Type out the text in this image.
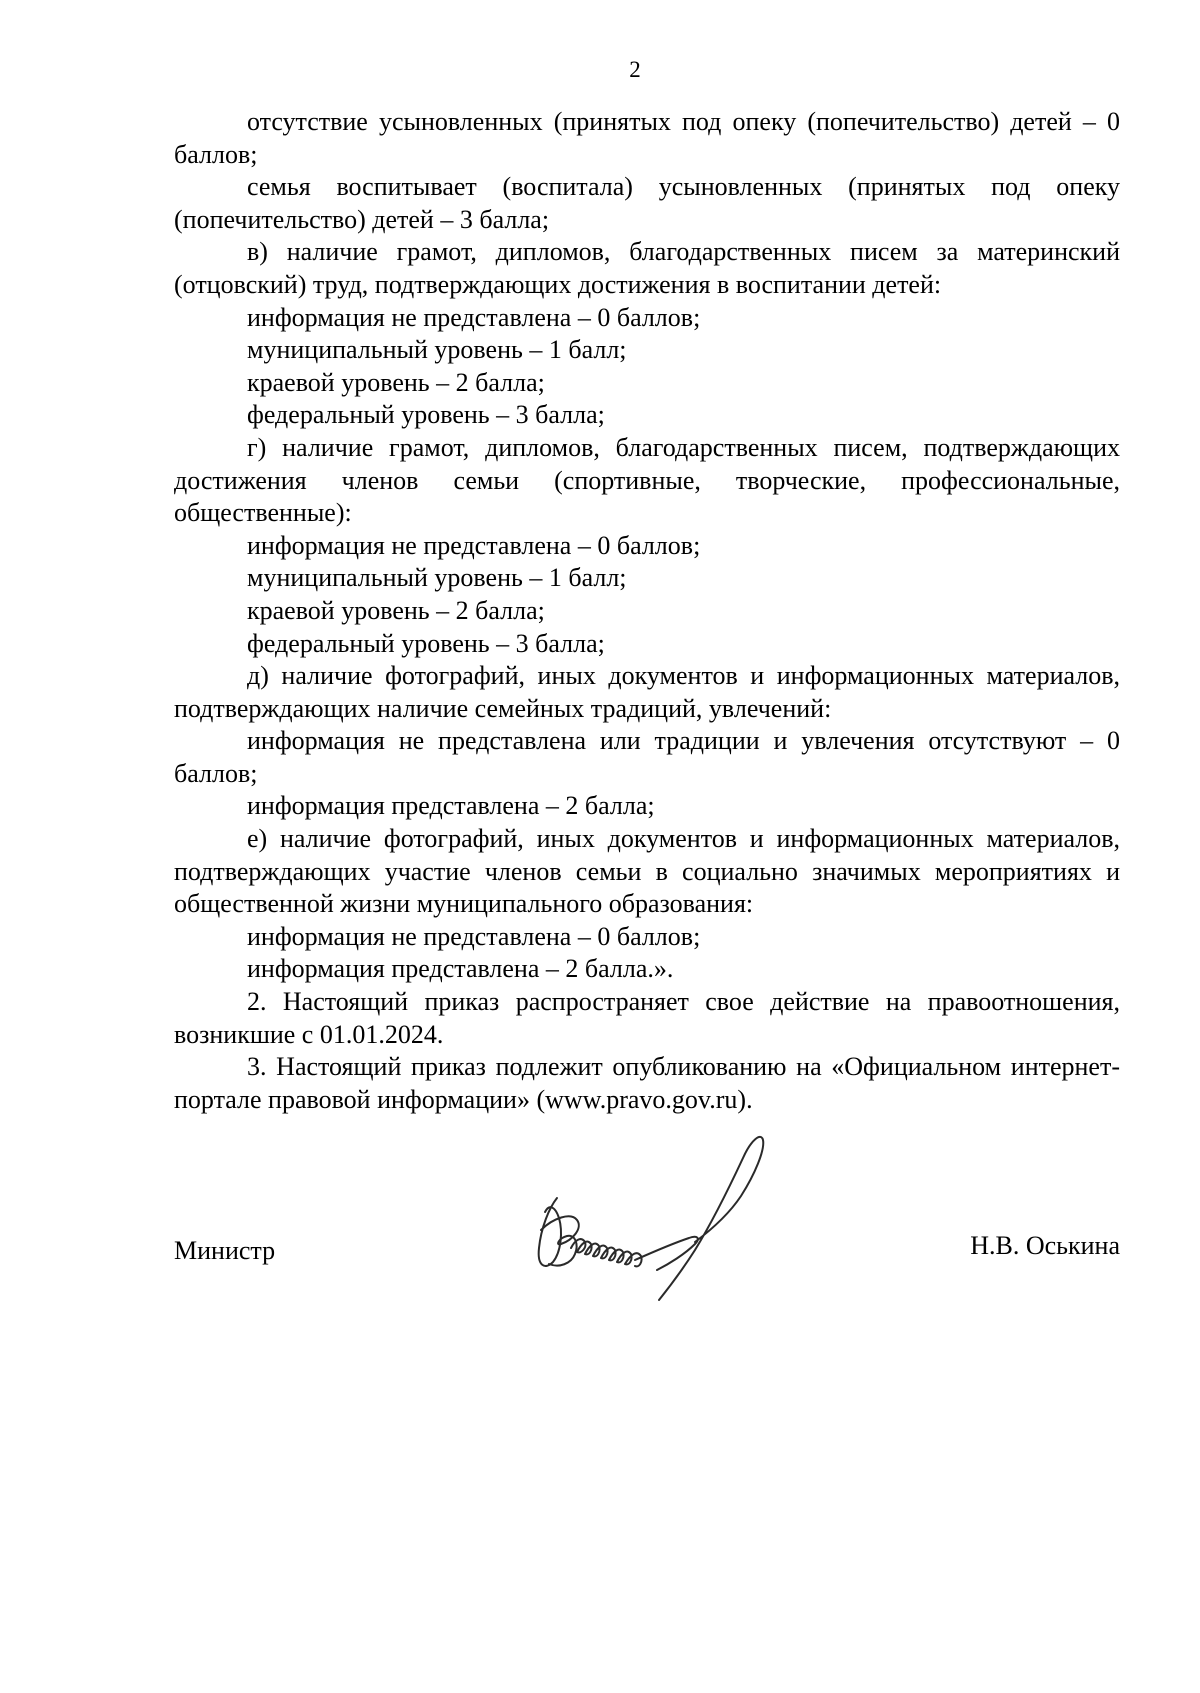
2

отсутствие усыновленных (принятых под опеку (попечительство) детей – 0 баллов;

семья воспитывает (воспитала) усыновленных (принятых под опеку (попечительство) детей – 3 балла;

в) наличие грамот, дипломов, благодарственных писем за материнский (отцовский) труд, подтверждающих достижения в воспитании детей:

информация не представлена – 0 баллов;

муниципальный уровень – 1 балл;

краевой уровень – 2 балла;

федеральный уровень – 3 балла;

г) наличие грамот, дипломов, благодарственных писем, подтверждающих достижения членов семьи (спортивные, творческие, профессиональные, общественные):

информация не представлена – 0 баллов;

муниципальный уровень – 1 балл;

краевой уровень – 2 балла;

федеральный уровень – 3 балла;

д) наличие фотографий, иных документов и информационных материалов, подтверждающих наличие семейных традиций, увлечений:

информация не представлена или традиции и увлечения отсутствуют – 0 баллов;

информация представлена – 2 балла;

е) наличие фотографий, иных документов и информационных материалов, подтверждающих участие членов семьи в социально значимых мероприятиях и общественной жизни муниципального образования:

информация не представлена – 0 баллов;

информация представлена – 2 балла.».

2. Настоящий приказ распространяет свое действие на правоотношения, возникшие с 01.01.2024.

3. Настоящий приказ подлежит опубликованию на «Официальном интернет-портале правовой информации» (www.pravo.gov.ru).

Министр	Н.В. Оськина
